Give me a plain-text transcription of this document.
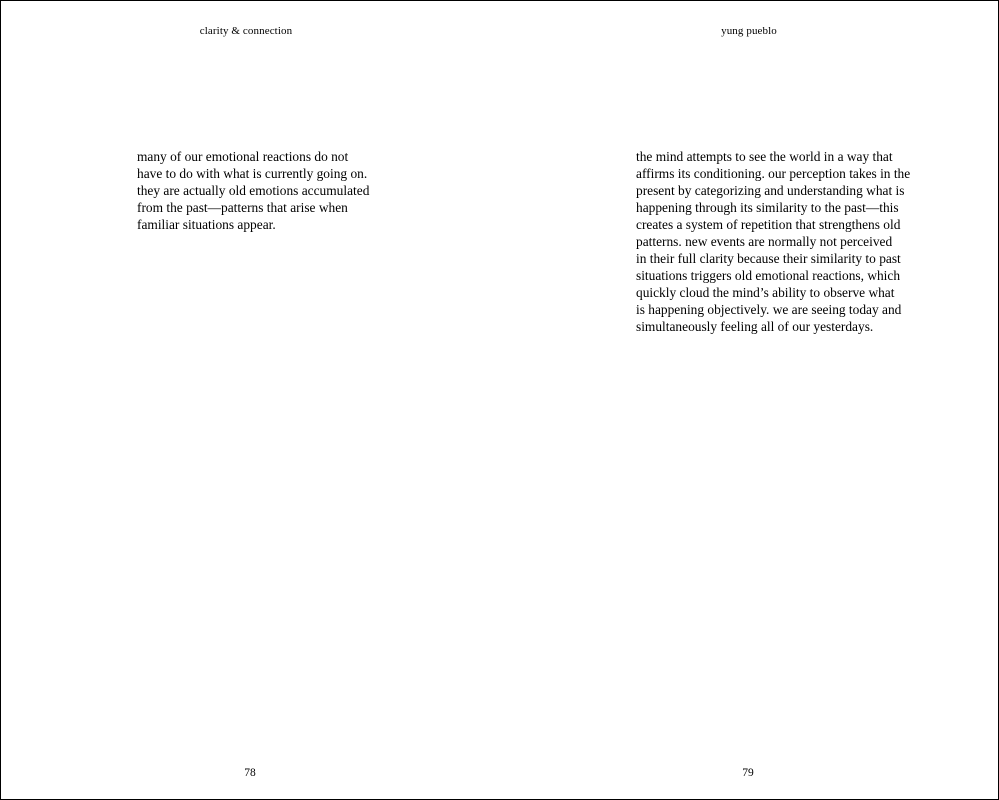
clarity & connection
many of our emotional reactions do not
have to do with what is currently going on.
they are actually old emotions accumulated
from the past—patterns that arise when
familiar situations appear.
78
yung pueblo
the mind attempts to see the world in a way that
affirms its conditioning. our perception takes in the
present by categorizing and understanding what is
happening through its similarity to the past—this
creates a system of repetition that strengthens old
patterns. new events are normally not perceived
in their full clarity because their similarity to past
situations triggers old emotional reactions, which
quickly cloud the mind’s ability to observe what
is happening objectively. we are seeing today and
simultaneously feeling all of our yesterdays.
79
